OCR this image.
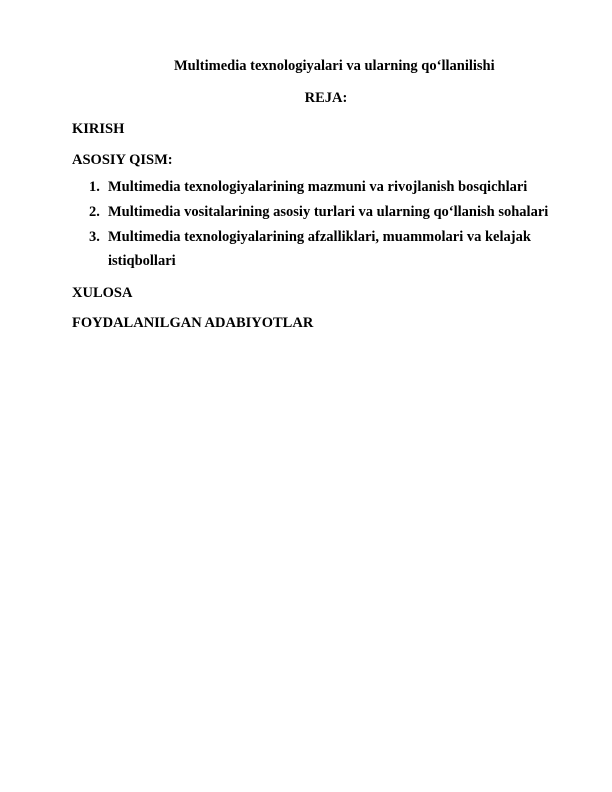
Multimedia texnologiyalari va ularning qo‘llanilishi
REJA:
KIRISH
ASOSIY QISM:
1. Multimedia texnologiyalarining mazmuni va rivojlanish bosqichlari
2. Multimedia vositalarining asosiy turlari va ularning qo‘llanish sohalari
3. Multimedia texnologiyalarining afzalliklari, muammolari va kelajak
istiqbollari
XULOSA
FOYDALANILGAN ADABIYOTLAR
